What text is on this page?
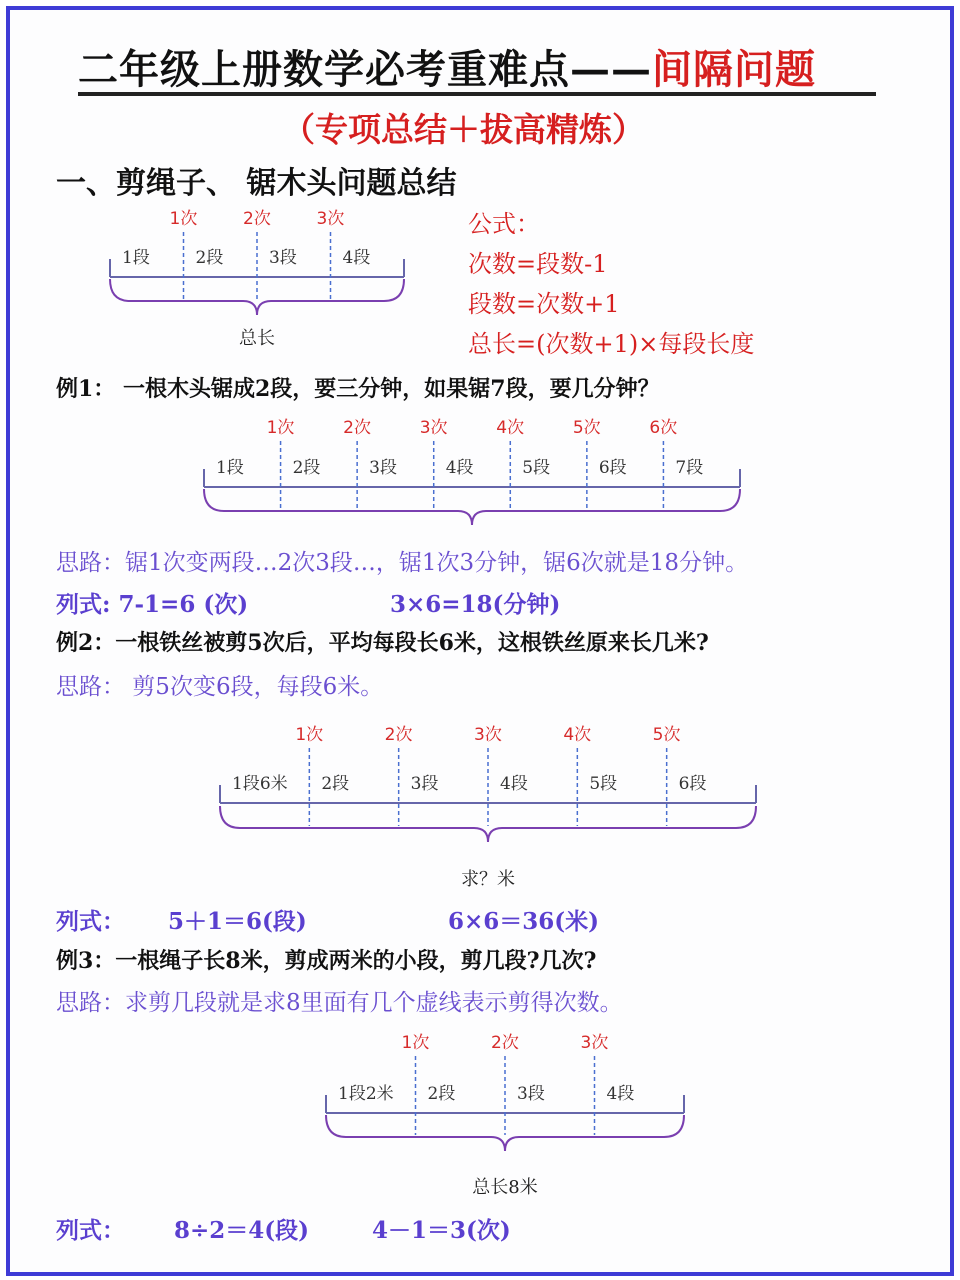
二年级上册数学必考重难点——间隔问题
（专项总结＋拔高精炼）
一、剪绳子、 锯木头问题总结
公式：
次数=段数-1
段数=次数+1
总长=(次数+1)×每段长度
例1： 一根木头锯成2段，要三分钟，如果锯7段，要几分钟？
思路：锯1次变两段…2次3段…，锯1次3分钟，锯6次就是18分钟。
列式: 7-1=6 (次)	3×6=18(分钟)
例2：一根铁丝被剪5次后，平均每段长6米，这根铁丝原来长几米?
思路： 剪5次变6段，每段6米。
列式： 5＋1＝6(段)	6×6＝36(米)
例3：一根绳子长8米，剪成两米的小段，剪几段?几次?
思路：求剪几段就是求8里面有几个虚线表示剪得次数。
列式： 8÷2＝4(段)	4－1＝3(次)
1段	2段	3段	4段
1次	2次	3次
总长
1段	2段	3段	4段	5段	6段	7段
1次	2次	3次	4次	5次	6次
1段6米 2段	3段	4段	5段	6段
1次	2次	3次	4次	5次
求？米
1段2米 2段	3段	4段
1次	2次	3次
总长8米
